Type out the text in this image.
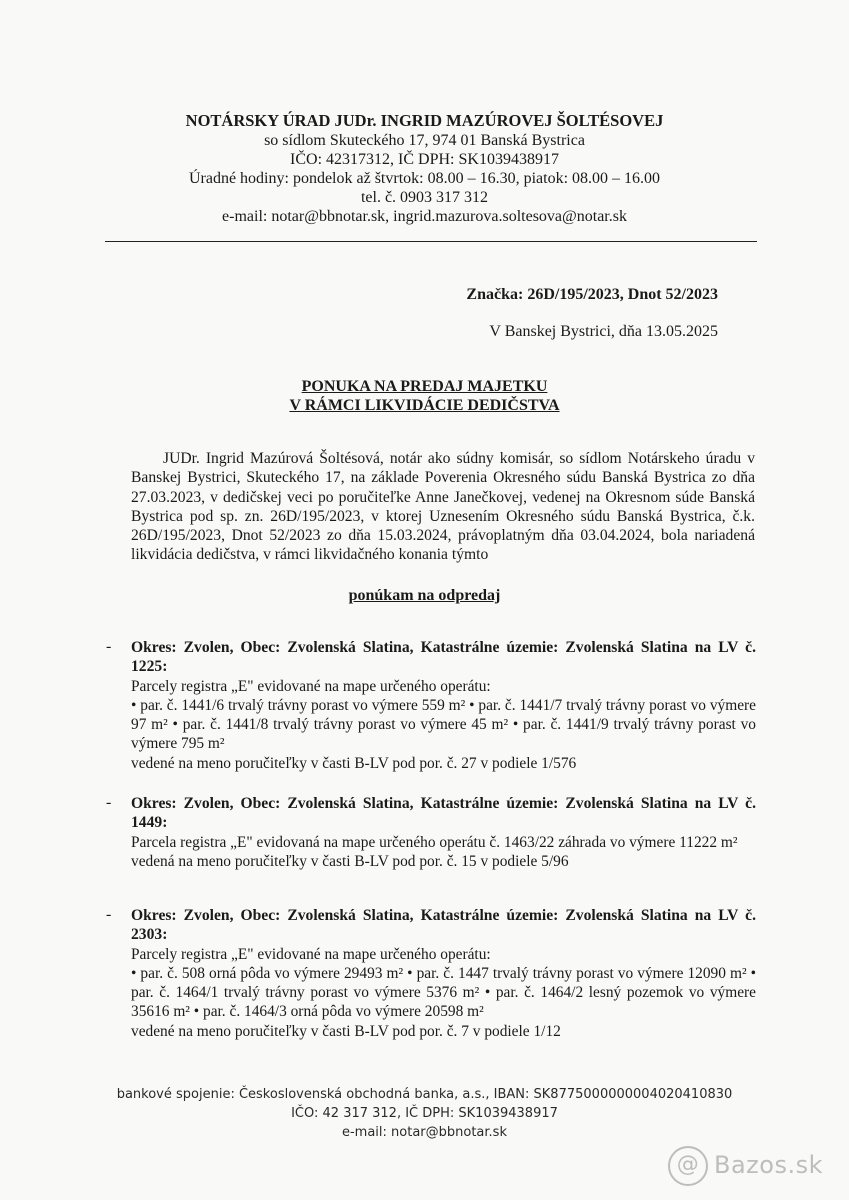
NOTÁRSKY ÚRAD JUDr. INGRID MAZÚROVEJ ŠOLTÉSOVEJ
so sídlom Skuteckého 17, 974 01 Banská Bystrica
IČO: 42317312, IČ DPH: SK1039438917
Úradné hodiny: pondelok až štvrtok: 08.00 – 16.30, piatok: 08.00 – 16.00
tel. č. 0903 317 312
e-mail: notar@bbnotar.sk, ingrid.mazurova.soltesova@notar.sk
Značka: 26D/195/2023, Dnot 52/2023
V Banskej Bystrici, dňa 13.05.2025
PONUKA NA PREDAJ MAJETKU
V RÁMCI LIKVIDÁCIE DEDIČSTVA
JUDr. Ingrid Mazúrová Šoltésová, notár ako súdny komisár, so sídlom Notárskeho úradu v Banskej Bystrici, Skuteckého 17, na základe Poverenia Okresného súdu Banská Bystrica zo dňa 27.03.2023, v dedičskej veci po poručiteľke Anne Janečkovej, vedenej na Okresnom súde Banská Bystrica pod sp. zn. 26D/195/2023, v ktorej Uznesením Okresného súdu Banská Bystrica, č.k. 26D/195/2023, Dnot 52/2023 zo dňa 15.03.2024, právoplatným dňa 03.04.2024, bola nariadená likvidácia dedičstva, v rámci likvidačného konania týmto
ponúkam na odpredaj
- Okres: Zvolen, Obec: Zvolenská Slatina, Katastrálne územie: Zvolenská Slatina na LV č. 1225:
Parcely registra „E" evidované na mape určeného operátu:
• par. č. 1441/6 trvalý trávny porast vo výmere 559 m² • par. č. 1441/7 trvalý trávny porast vo výmere 97 m² • par. č. 1441/8 trvalý trávny porast vo výmere 45 m² • par. č. 1441/9 trvalý trávny porast vo výmere 795 m²
vedené na meno poručiteľky v časti B-LV pod por. č. 27 v podiele 1/576
- Okres: Zvolen, Obec: Zvolenská Slatina, Katastrálne územie: Zvolenská Slatina na LV č. 1449:
Parcela registra „E" evidovaná na mape určeného operátu č. 1463/22 záhrada vo výmere 11222 m²
vedená na meno poručiteľky v časti B-LV pod por. č. 15 v podiele 5/96
- Okres: Zvolen, Obec: Zvolenská Slatina, Katastrálne územie: Zvolenská Slatina na LV č. 2303:
Parcely registra „E" evidované na mape určeného operátu:
• par. č. 508 orná pôda vo výmere 29493 m² • par. č. 1447 trvalý trávny porast vo výmere 12090 m² • par. č. 1464/1 trvalý trávny porast vo výmere 5376 m² • par. č. 1464/2 lesný pozemok vo výmere 35616 m² • par. č. 1464/3 orná pôda vo výmere 20598 m²
vedené na meno poručiteľky v časti B-LV pod por. č. 7 v podiele 1/12
bankové spojenie: Československá obchodná banka, a.s., IBAN: SK8775000000004020410830
IČO: 42 317 312, IČ DPH: SK1039438917
e-mail: notar@bbnotar.sk
@ Bazos.sk
